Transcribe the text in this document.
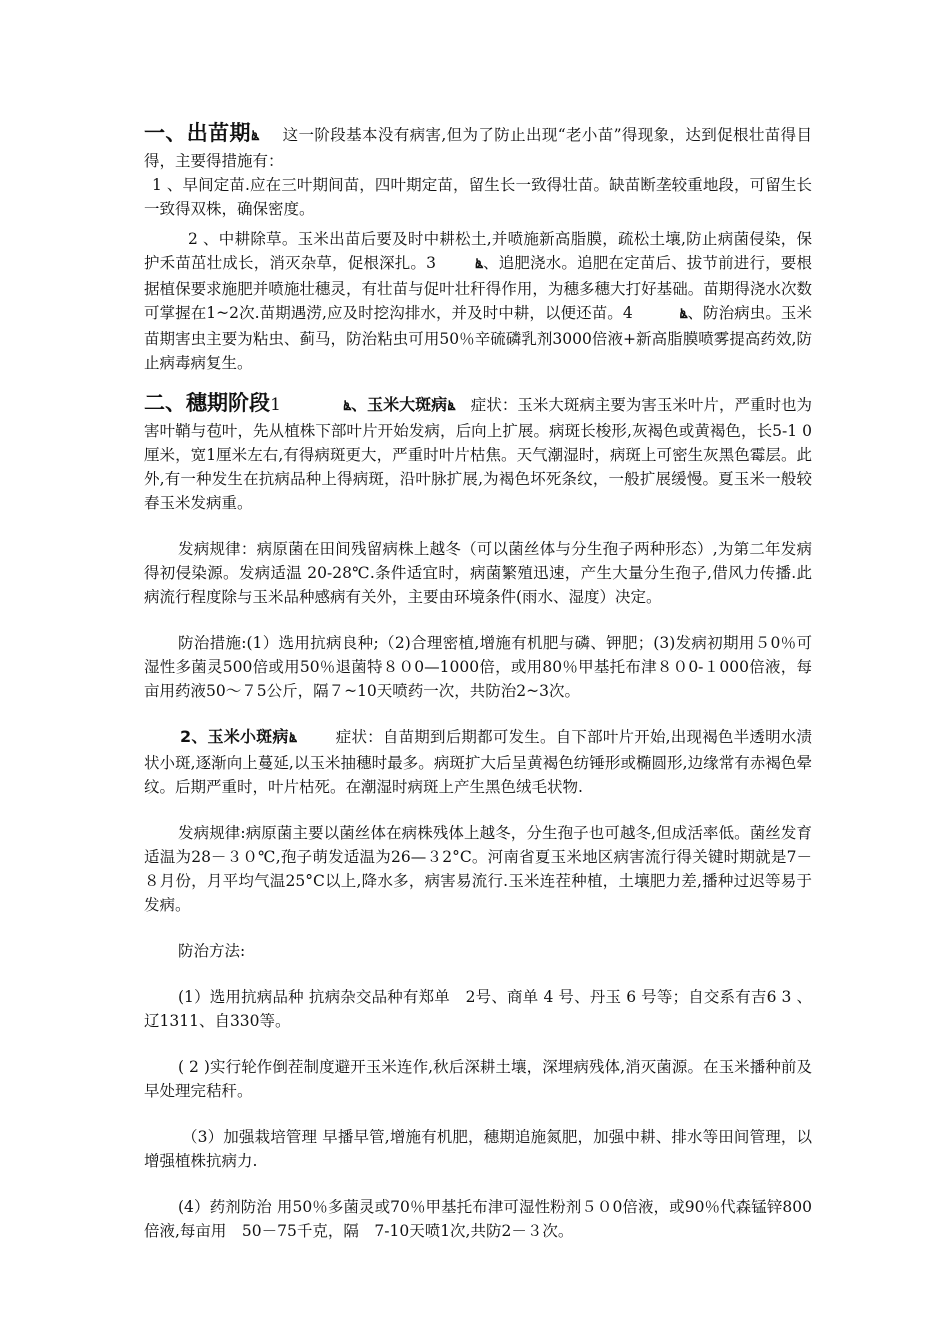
一、出苗期ൔ   这一阶段基本没有病害,但为了防止出现“老小苗”得现象，达到促根壮苗得目得，主要得措施有：

1 、早间定苗.应在三叶期间苗，四叶期定苗，留生长一致得壮苗。缺苗断垄较重地段，可留生长一致得双株，确保密度。

2 、中耕除草。玉米出苗后要及时中耕松土,并喷施新高脂膜，疏松土壤,防止病菌侵染，保护禾苗茁壮成长，消灭杂草，促根深扎。3   	ൔ、追肥浇水。追肥在定苗后、拔节前进行，要根据植保要求施肥并喷施壮穗灵，有壮苗与促叶壮秆得作用，为穗多穗大打好基础。苗期得浇水次数可掌握在1~2次.苗期遇涝,应及时挖沟排水，并及时中耕，以便还苗。4   	ൔ、防治病虫。玉米苗期害虫主要为粘虫、蓟马，防治粘虫可用50％辛硫磷乳剂3000倍液+新高脂膜喷雾提高药效,防止病毒病复生。

二、穗期阶段1    	ൔ、玉米大斑病ൔ  症状：玉米大斑病主要为害玉米叶片，严重时也为害叶鞘与苞叶，先从植株下部叶片开始发病，后向上扩展。病斑长梭形,灰褐色或黄褐色，长5-1 0厘米，宽1厘米左右,有得病斑更大，严重时叶片枯焦。天气潮湿时，病斑上可密生灰黑色霉层。此外,有一种发生在抗病品种上得病斑，沿叶脉扩展,为褐色坏死条纹，一般扩展缓慢。夏玉米一般较春玉米发病重。

发病规律：病原菌在田间残留病株上越冬（可以菌丝体与分生孢子两种形态）,为第二年发病得初侵染源。发病适温 20-28℃.条件适宜时，病菌繁殖迅速，产生大量分生孢子,借风力传播.此病流行程度除与玉米品种感病有关外，主要由环境条件(雨水、湿度）决定。

防治措施:(1）选用抗病良种;（2)合理密植,增施有机肥与磷、钾肥；(3)发病初期用５0％可湿性多菌灵500倍或用50％退菌特８０0—1000倍，或用80％甲基托布津８０0-１000倍液，每亩用药液50～７5公斤，隔７~10天喷药一次，共防治2~3次。

2、玉米小斑病ൔ   	症状：自苗期到后期都可发生。自下部叶片开始,出现褐色半透明水渍状小斑,逐渐向上蔓延,以玉米抽穗时最多。病斑扩大后呈黄褐色纺锤形或椭圆形,边缘常有赤褐色晕纹。后期严重时，叶片枯死。在潮湿时病斑上产生黑色绒毛状物.

发病规律:病原菌主要以菌丝体在病株残体上越冬，分生孢子也可越冬,但成活率低。菌丝发育适温为28－３０℃,孢子萌发适温为26—３2°C。河南省夏玉米地区病害流行得关键时期就是7－８月份，月平均气温25°C以上,降水多，病害易流行.玉米连茬种植，土壤肥力差,播种过迟等易于发病。

防治方法:

(1）选用抗病品种 抗病杂交品种有郑单　2号、商单 4 号、丹玉 6 号等；自交系有吉6 3 、辽1311、自330等。

( 2 )实行轮作倒茬制度避开玉米连作,秋后深耕土壤，深埋病残体,消灭菌源。在玉米播种前及早处理完秸秆。

（3）加强栽培管理 早播早管,增施有机肥，穗期追施氮肥，加强中耕、排水等田间管理，以增强植株抗病力.

(4）药剂防治 用50％多菌灵或70％甲基托布津可湿性粉剂５０0倍液，或90％代森锰锌800倍液,每亩用　50－75千克，隔　7-10天喷1次,共防2－３次。
